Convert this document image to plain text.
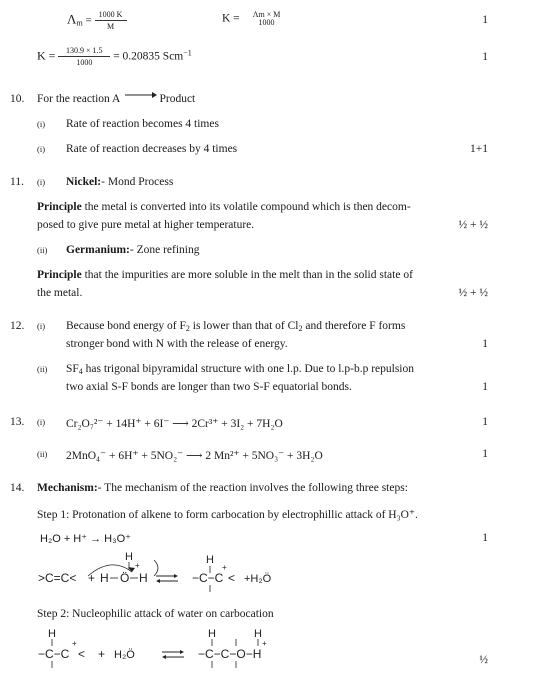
$\Lambda_m = \frac{1000 K}{M}$	K =	Λm × M
1000	1
$K = \frac{130.9 \times 1.5}{1000} = 0.20835$ Scm$^{-1}$	1
10. For the reaction A	Product
(i) Rate of reaction becomes 4 times
(i) Rate of reaction decreases by 4 times	1+1
11. (i) Nickel:- Mond Process
Principle the metal is converted into its volatile compound which is then decom-
posed to give pure metal at higher temperature.	½ + ½
(ii) Germanium:- Zone refining
Principle that the impurities are more soluble in the melt than in the solid state of
the metal.	½ + ½
12. (i) Because bond energy of $F_2$ is lower than that of $Cl_2$ and therefore F forms
stronger bond with N with the release of energy.	1
(ii) $SF_4$ has trigonal bipyramidal structure with one l.p. Due to l.p-b.p repulsion
two axial S-F bonds are longer than two S-F equatorial bonds.	1
13. (i) Cr₂O₇²⁻ + 14H⁺ + 6I⁻ ⟶ 2Cr³⁺ + 3I₂ + 7H₂O	1
(ii) 2MnO₄⁻ + 6H⁺ + 5NO₂⁻ ⟶ 2 Mn²⁺ + 5NO₃⁻ + 3H₂O	1
14. Mechanism:- The mechanism of the reaction involves the following three steps:
Step 1: Protonation of alkene to form carbocation by electrophillic attack of H₃O⁺.
H₂O + H⁺ → H₃O⁺	1
>C=C< + H Ö H
H
+	H
−C−C
+
< +H₂Ö
Step 2: Nucleophilic attack of water on carbocation
H
−C−C
+
< + H₂Ö
H	H
−C−C−O−H
+
½
